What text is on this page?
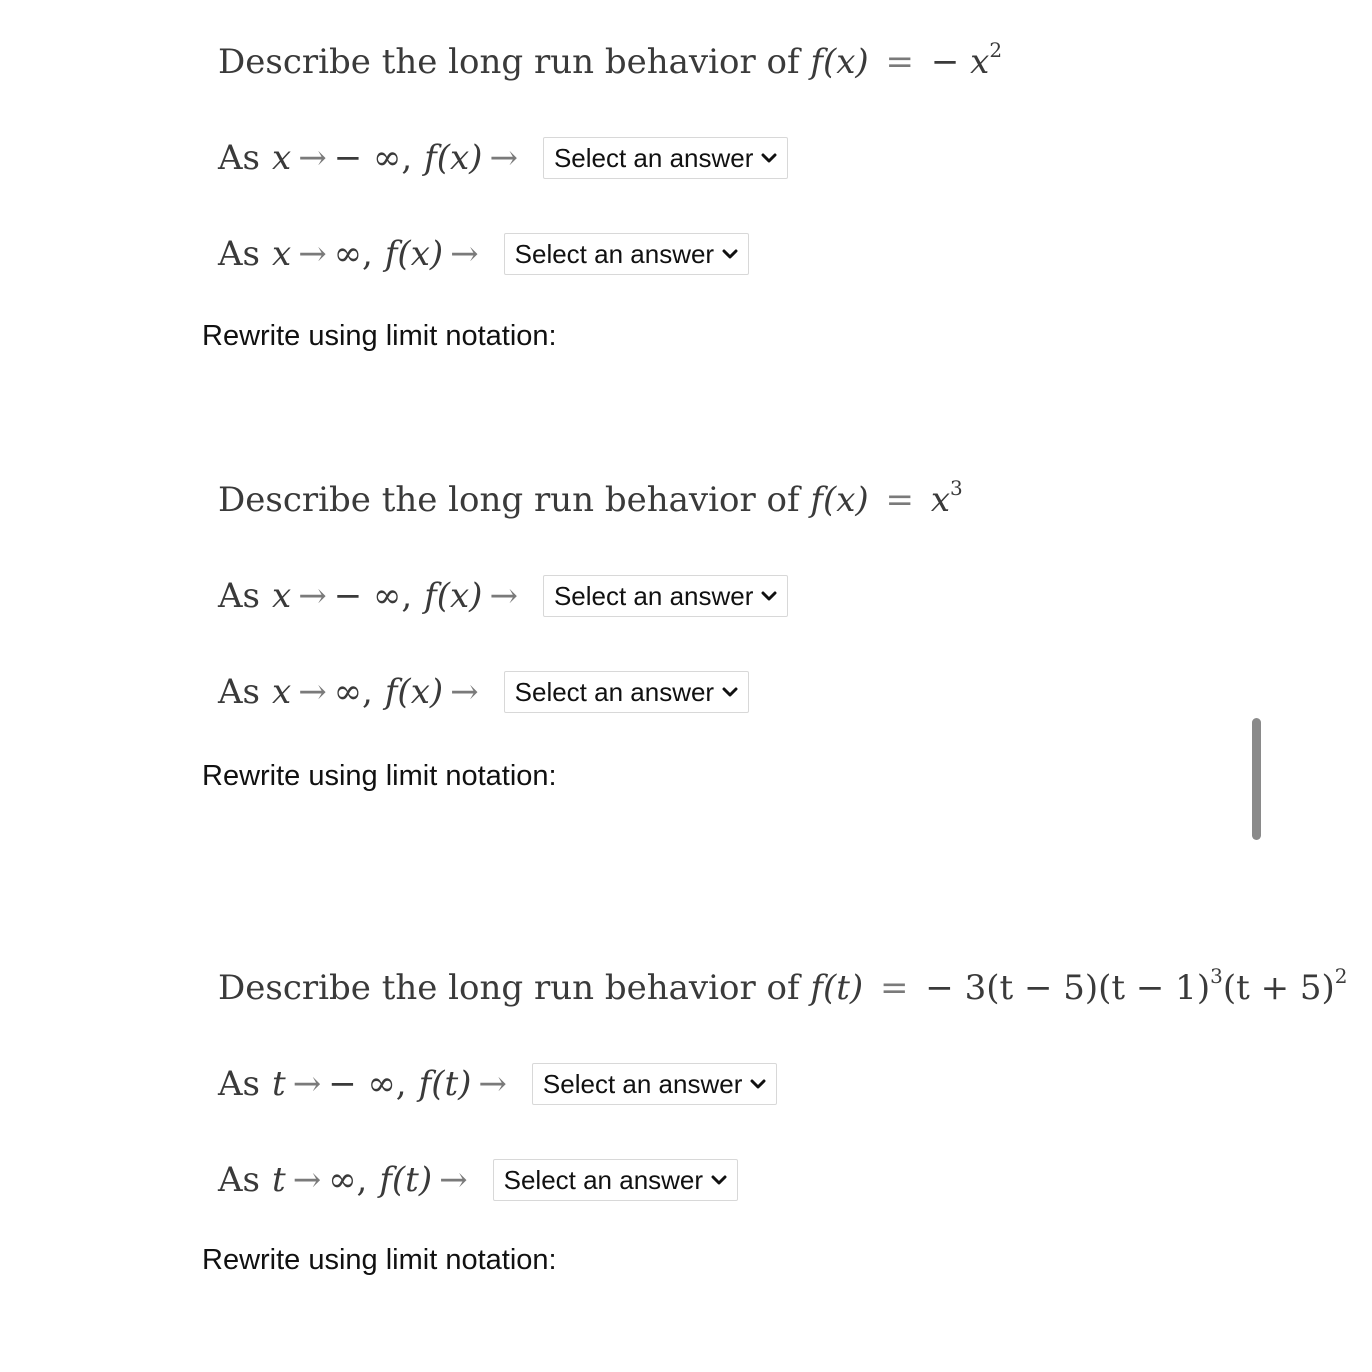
Describe the long run behavior of f(x) = − $x^2$
As x → − ∞, f(x) → Select an answer
As x → ∞, f(x) → Select an answer
Rewrite using limit notation:
Describe the long run behavior of $f(x) = x^3$
As x → − ∞, f(x) → Select an answer
As x → ∞, f(x) → Select an answer
Rewrite using limit notation:
Describe the long run behavior of f(t) = − $3(t - 5)(t - 1)^3(t + 5)^2$
As t → − ∞, f(t) → Select an answer
As t → ∞, f(t) → Select an answer
Rewrite using limit notation:
